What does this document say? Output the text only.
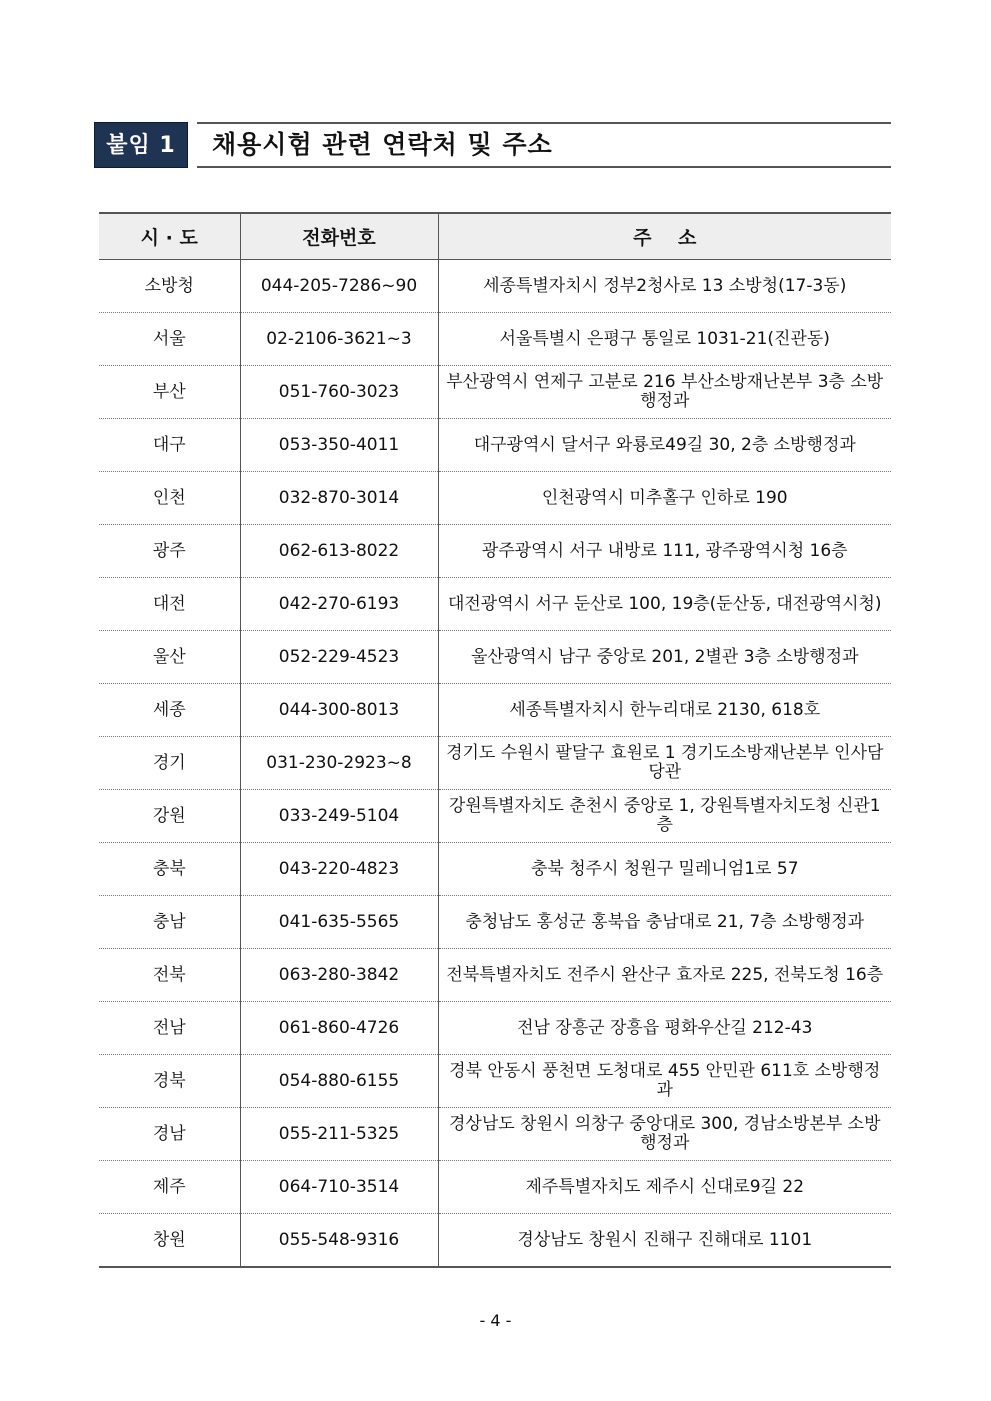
붙임 1	채용시험 관련 연락처 및 주소
시 · 도	전화번호	주    소
소방청	044-205-7286~90	세종특별자치시 정부2청사로 13 소방청(17-3동)
서울	02-2106-3621~3	서울특별시 은평구 통일로 1031-21(진관동)
부산	051-760-3023	부산광역시 연제구 고분로 216 부산소방재난본부 3층 소방행정과
대구	053-350-4011	대구광역시 달서구 와룡로49길 30, 2층 소방행정과
인천	032-870-3014	인천광역시 미추홀구 인하로 190
광주	062-613-8022	광주광역시 서구 내방로 111, 광주광역시청 16층
대전	042-270-6193	대전광역시 서구 둔산로 100, 19층(둔산동, 대전광역시청)
울산	052-229-4523	울산광역시 남구 중앙로 201, 2별관 3층 소방행정과
세종	044-300-8013	세종특별자치시 한누리대로 2130, 618호
경기	031-230-2923~8	경기도 수원시 팔달구 효원로 1 경기도소방재난본부 인사담당관
강원	033-249-5104	강원특별자치도 춘천시 중앙로 1, 강원특별자치도청 신관1층
충북	043-220-4823	충북 청주시 청원구 밀레니엄1로 57
충남	041-635-5565	충청남도 홍성군 홍북읍 충남대로 21, 7층 소방행정과
전북	063-280-3842	전북특별자치도 전주시 완산구 효자로 225, 전북도청 16층
전남	061-860-4726	전남 장흥군 장흥읍 평화우산길 212-43
경북	054-880-6155	경북 안동시 풍천면 도청대로 455 안민관 611호 소방행정과
경남	055-211-5325	경상남도 창원시 의창구 중앙대로 300, 경남소방본부 소방행정과
제주	064-710-3514	제주특별자치도 제주시 신대로9길 22
창원	055-548-9316	경상남도 창원시 진해구 진해대로 1101
- 4 -
